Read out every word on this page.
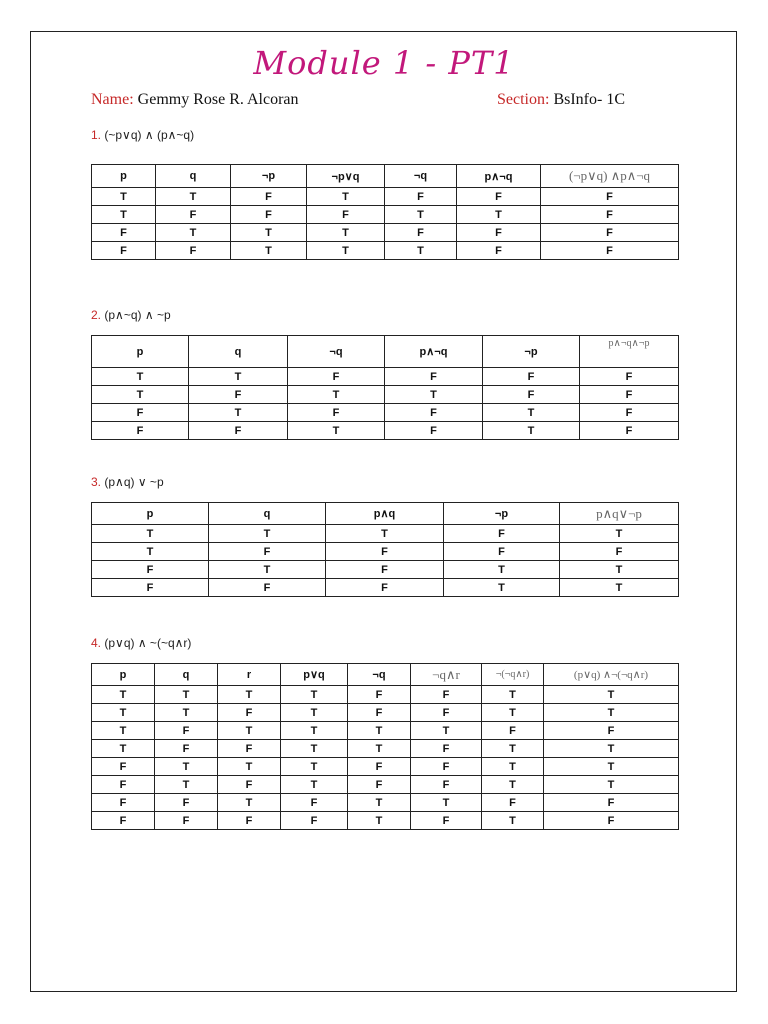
Module 1 - PT1
Name: Gemmy Rose R. Alcoran	Section: BsInfo- 1C
1. (~p∨q) ∧ (p∧~q)
p	q	¬p	¬p∨q	¬q	p∧¬q	(¬p∨q) ∧p∧¬q
T	T	F	T	F	F	F
T	F	F	F	T	T	F
F	T	T	T	F	F	F
F	F	T	T	T	F	F
2. (p∧~q) ∧ ~p
p	q	¬q	p∧¬q	¬p	p∧¬q∧¬p
T	T	F	F	F	F
T	F	T	T	F	F
F	T	F	F	T	F
F	F	T	F	T	F
3. (p∧q) ∨ ~p
p	q	p∧q	¬p	p∧q∨¬p
T	T	T	F	T
T	F	F	F	F
F	T	F	T	T
F	F	F	T	T
4. (p∨q) ∧ ~(~q∧r)
p	q	r	p∨q	¬q	¬q∧r	¬(¬q∧r)	(p∨q) ∧¬(¬q∧r)
T	T	T	T	F	F	T	T
T	T	F	T	F	F	T	T
T	F	T	T	T	T	F	F
T	F	F	T	T	F	T	T
F	T	T	T	F	F	T	T
F	T	F	T	F	F	T	T
F	F	T	F	T	T	F	F
F	F	F	F	T	F	T	F
